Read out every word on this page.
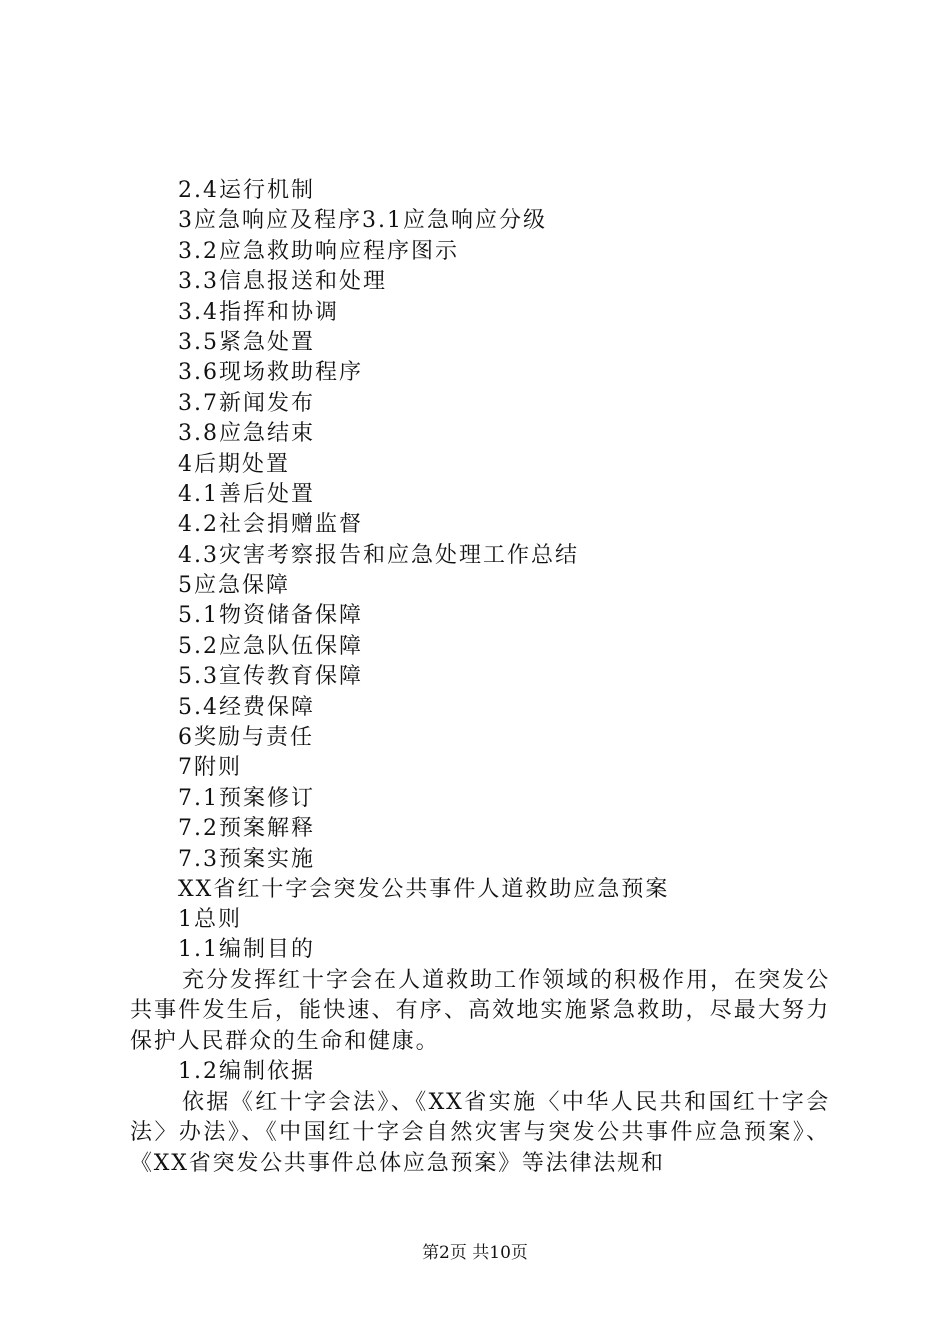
2.4运行机制
3应急响应及程序3.1应急响应分级
3.2应急救助响应程序图示
3.3信息报送和处理
3.4指挥和协调
3.5紧急处置
3.6现场救助程序
3.7新闻发布
3.8应急结束
4后期处置
4.1善后处置
4.2社会捐赠监督
4.3灾害考察报告和应急处理工作总结
5应急保障
5.1物资储备保障
5.2应急队伍保障
5.3宣传教育保障
5.4经费保障
6奖励与责任
7附则
7.1预案修订
7.2预案解释
7.3预案实施
XX省红十字会突发公共事件人道救助应急预案
1总则
1.1编制目的

充分发挥红十字会在人道救助工作领域的积极作用，在突发公共事件发生后，能快速、有序、高效地实施紧急救助，尽最大努力保护人民群众的生命和健康。

1.2编制依据

依据《红十字会法》、《XX省实施〈中华人民共和国红十字会法〉办法》、《中国红十字会自然灾害与突发公共事件应急预案》、《XX省突发公共事件总体应急预案》等法律法规和

第2页 共10页
